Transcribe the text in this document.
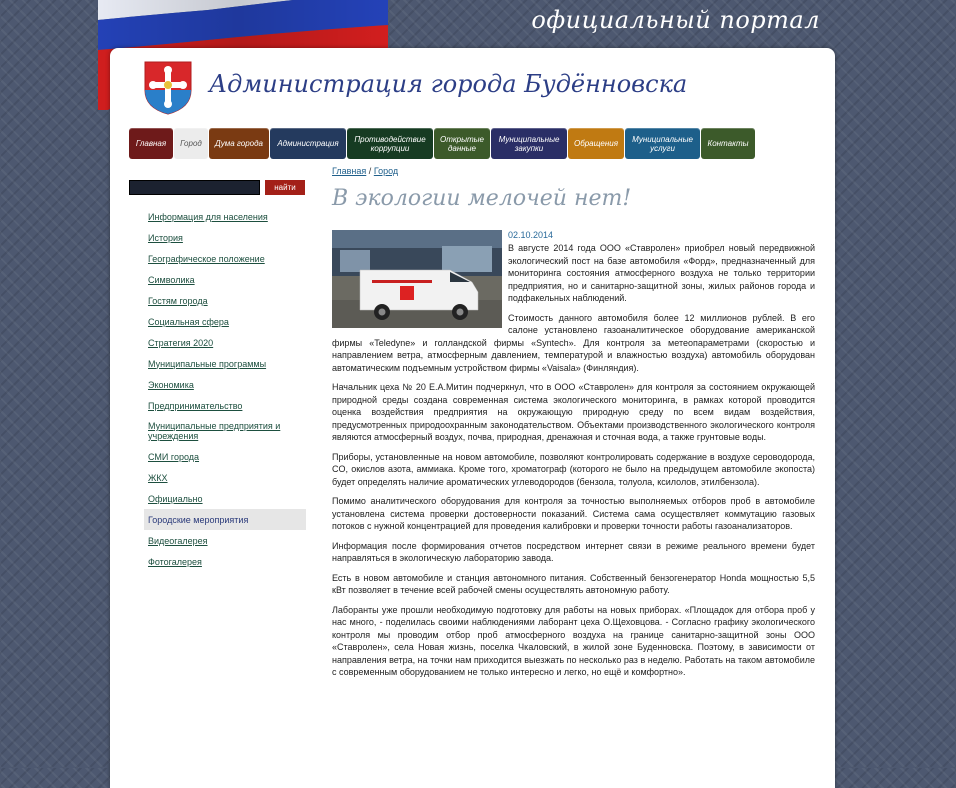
официальный портал
Администрация города Будённовска
Главная	Город	Дума города	Администрация	Противодействие коррупции
Открытые данные
Муниципальные закупки	Обращения	Муниципальные услуги	Контакты
найти
Информация для населения
История
Географическое положение
Символика
Гостям города
Социальная сфера
Стратегия 2020
Муниципальные программы
Экономика
Предпринимательство
Муниципальные предприятия и учреждения
СМИ города
ЖКХ
Официально
Городские мероприятия
Видеогалерея
Фотогалерея
Главная / Город
В экологии мелочей нет!
02.10.2014

В августе 2014 года ООО «Ставролен» приобрел новый передвижной экологический пост на базе автомобиля «Форд», предназначенный для мониторинга состояния атмосферного воздуха не только территории предприятия, но и санитарно-защитной зоны, жилых районов города и подфакельных наблюдений.

Стоимость данного автомобиля более 12 миллионов рублей. В его салоне установлено газоаналитическое оборудование американской фирмы «Teledyne» и голландской фирмы «Syntech». Для контроля за метеопараметрами (скоростью и направлением ветра, атмосферным давлением, температурой и влажностью воздуха) автомобиль оборудован автоматическим подъемным устройством фирмы «Vaisala» (Финляндия).

Начальник цеха № 20 Е.А.Митин подчеркнул, что в ООО «Ставролен» для контроля за состоянием окружающей природной среды создана современная система экологического мониторинга, в рамках которой проводится оценка воздействия предприятия на окружающую природную среду по всем видам воздействия, предусмотренных природоохранным законодательством. Объектами производственного экологического контроля являются атмосферный воздух, почва, природная, дренажная и сточная вода, а также грунтовые воды.

Приборы, установленные на новом автомобиле, позволяют контролировать содержание в воздухе сероводорода, CO, окислов азота, аммиака. Кроме того, хроматограф (которого не было на предыдущем автомобиле экопоста) будет определять наличие ароматических углеводородов (бензола, толуола, ксилолов, этилбензола).

Помимо аналитического оборудования для контроля за точностью выполняемых отборов проб в автомобиле установлена система проверки достоверности показаний. Система сама осуществляет коммутацию газовых потоков с нужной концентрацией для проведения калибровки и проверки точности работы газоанализаторов.

Информация после формирования отчетов посредством интернет связи в режиме реального времени будет направляться в экологическую лабораторию завода.

Есть в новом автомобиле и станция автономного питания. Собственный бензогенератор Honda мощностью 5,5 кВт позволяет в течение всей рабочей смены осуществлять автономную работу.

Лаборанты уже прошли необходимую подготовку для работы на новых приборах. «Площадок для отбора проб у нас много, - поделилась своими наблюдениями лаборант цеха О.Щеховцова. - Согласно графику экологического контроля мы проводим отбор проб атмосферного воздуха на границе санитарно-защитной зоны ООО «Ставролен», села Новая жизнь, поселка Чкаловский, в жилой зоне Буденновска. Поэтому, в зависимости от направления ветра, на точки нам приходится выезжать по несколько раз в неделю. Работать на таком автомобиле с современным оборудованием не только интересно и легко, но ещё и комфортно».
